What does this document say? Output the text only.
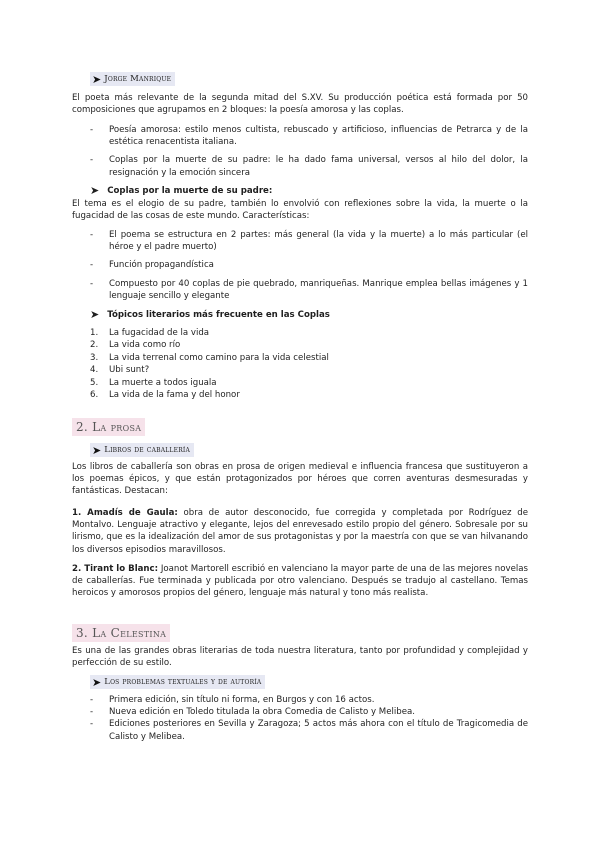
➤ Jorge Manrique
El poeta más relevante de la segunda mitad del S.XV. Su producción poética está formada por 50 composiciones que agrupamos en 2 bloques: la poesía amorosa y las coplas.
- Poesía amorosa: estilo menos cultista, rebuscado y artificioso, influencias de Petrarca y de la estética renacentista italiana.
- Coplas por la muerte de su padre: le ha dado fama universal, versos al hilo del dolor, la resignación y la emoción sincera
➤ Coplas por la muerte de su padre:
El tema es el elogio de su padre, también lo envolvió con reflexiones sobre la vida, la muerte o la fugacidad de las cosas de este mundo. Características:
- El poema se estructura en 2 partes: más general (la vida y la muerte) a lo más particular (el héroe y el padre muerto)
- Función propagandística
- Compuesto por 40 coplas de pie quebrado, manriqueñas. Manrique emplea bellas imágenes y 1 lenguaje sencillo y elegante
➤ Tópicos literarios más frecuente en las Coplas
1. La fugacidad de la vida
2. La vida como río
3. La vida terrenal como camino para la vida celestial
4. Ubi sunt?
5. La muerte a todos iguala
6. La vida de la fama y del honor
2. La prosa
➤ Libros de caballería
Los libros de caballería son obras en prosa de origen medieval e influencia francesa que sustituyeron a los poemas épicos, y que están protagonizados por héroes que corren aventuras desmesuradas y fantásticas. Destacan:
1. Amadís de Gaula: obra de autor desconocido, fue corregida y completada por Rodríguez de Montalvo. Lenguaje atractivo y elegante, lejos del enrevesado estilo propio del género. Sobresale por su lirismo, que es la idealización del amor de sus protagonistas y por la maestría con que se van hilvanando los diversos episodios maravillosos.
2. Tirant lo Blanc: Joanot Martorell escribió en valenciano la mayor parte de una de las mejores novelas de caballerías. Fue terminada y publicada por otro valenciano. Después se tradujo al castellano. Temas heroicos y amorosos propios del género, lenguaje más natural y tono más realista.
3. La Celestina
Es una de las grandes obras literarias de toda nuestra literatura, tanto por profundidad y complejidad y perfección de su estilo.
➤ Los problemas textuales y de autoría
- Primera edición, sin título ni forma, en Burgos y con 16 actos.
- Nueva edición en Toledo titulada la obra Comedia de Calisto y Melibea.
- Ediciones posteriores en Sevilla y Zaragoza; 5 actos más ahora con el título de Tragicomedia de Calisto y Melibea.
